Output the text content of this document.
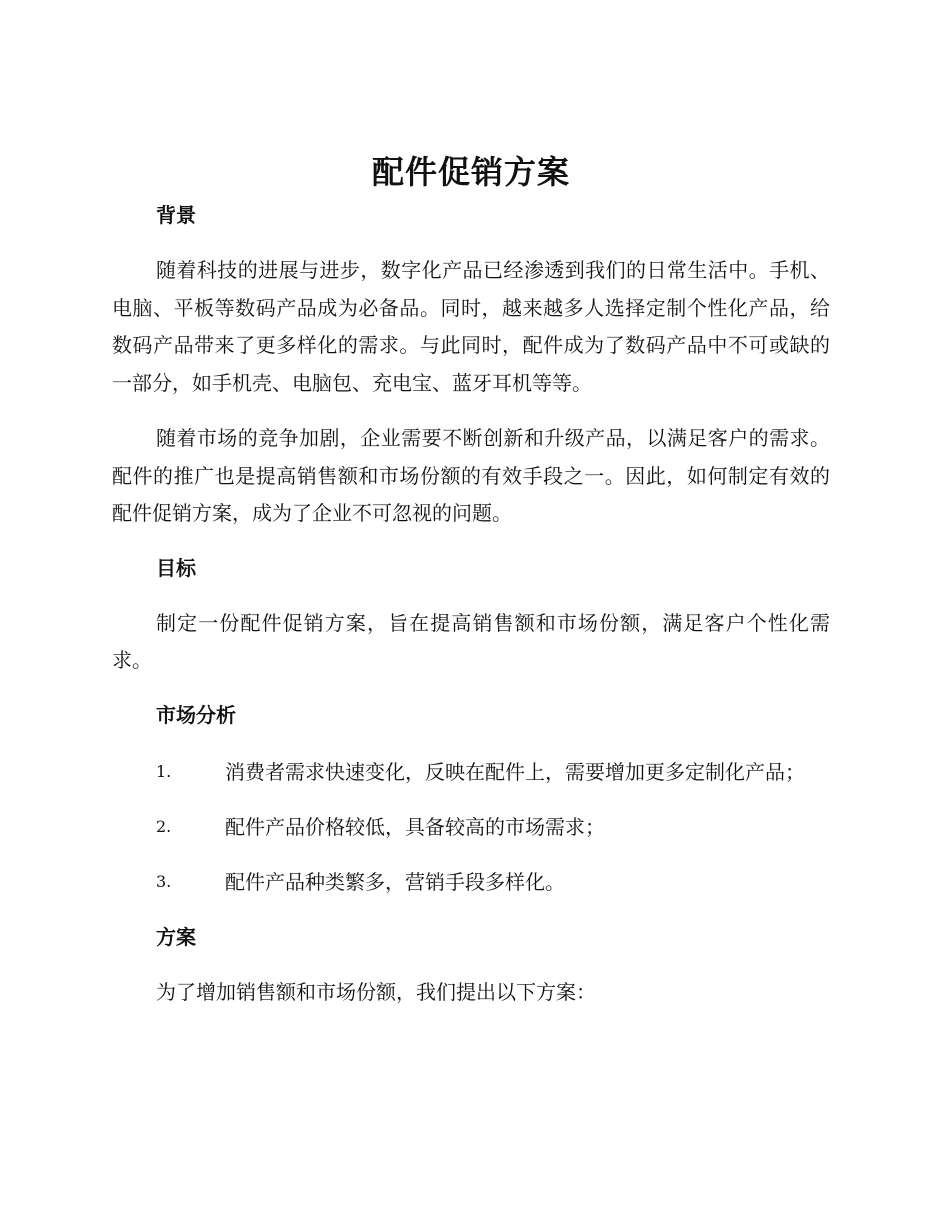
配件促销方案
背景

随着科技的进展与进步，数字化产品已经渗透到我们的日常生活中。手机、电脑、平板等数码产品成为必备品。同时，越来越多人选择定制个性化产品，给数码产品带来了更多样化的需求。与此同时，配件成为了数码产品中不可或缺的一部分，如手机壳、电脑包、充电宝、蓝牙耳机等等。

随着市场的竞争加剧，企业需要不断创新和升级产品，以满足客户的需求。配件的推广也是提高销售额和市场份额的有效手段之一。因此，如何制定有效的配件促销方案，成为了企业不可忽视的问题。

目标

制定一份配件促销方案，旨在提高销售额和市场份额，满足客户个性化需求。

市场分析

1.	消费者需求快速变化，反映在配件上，需要增加更多定制化产品；

2.	配件产品价格较低，具备较高的市场需求；

3.	配件产品种类繁多，营销手段多样化。

方案

为了增加销售额和市场份额，我们提出以下方案：
